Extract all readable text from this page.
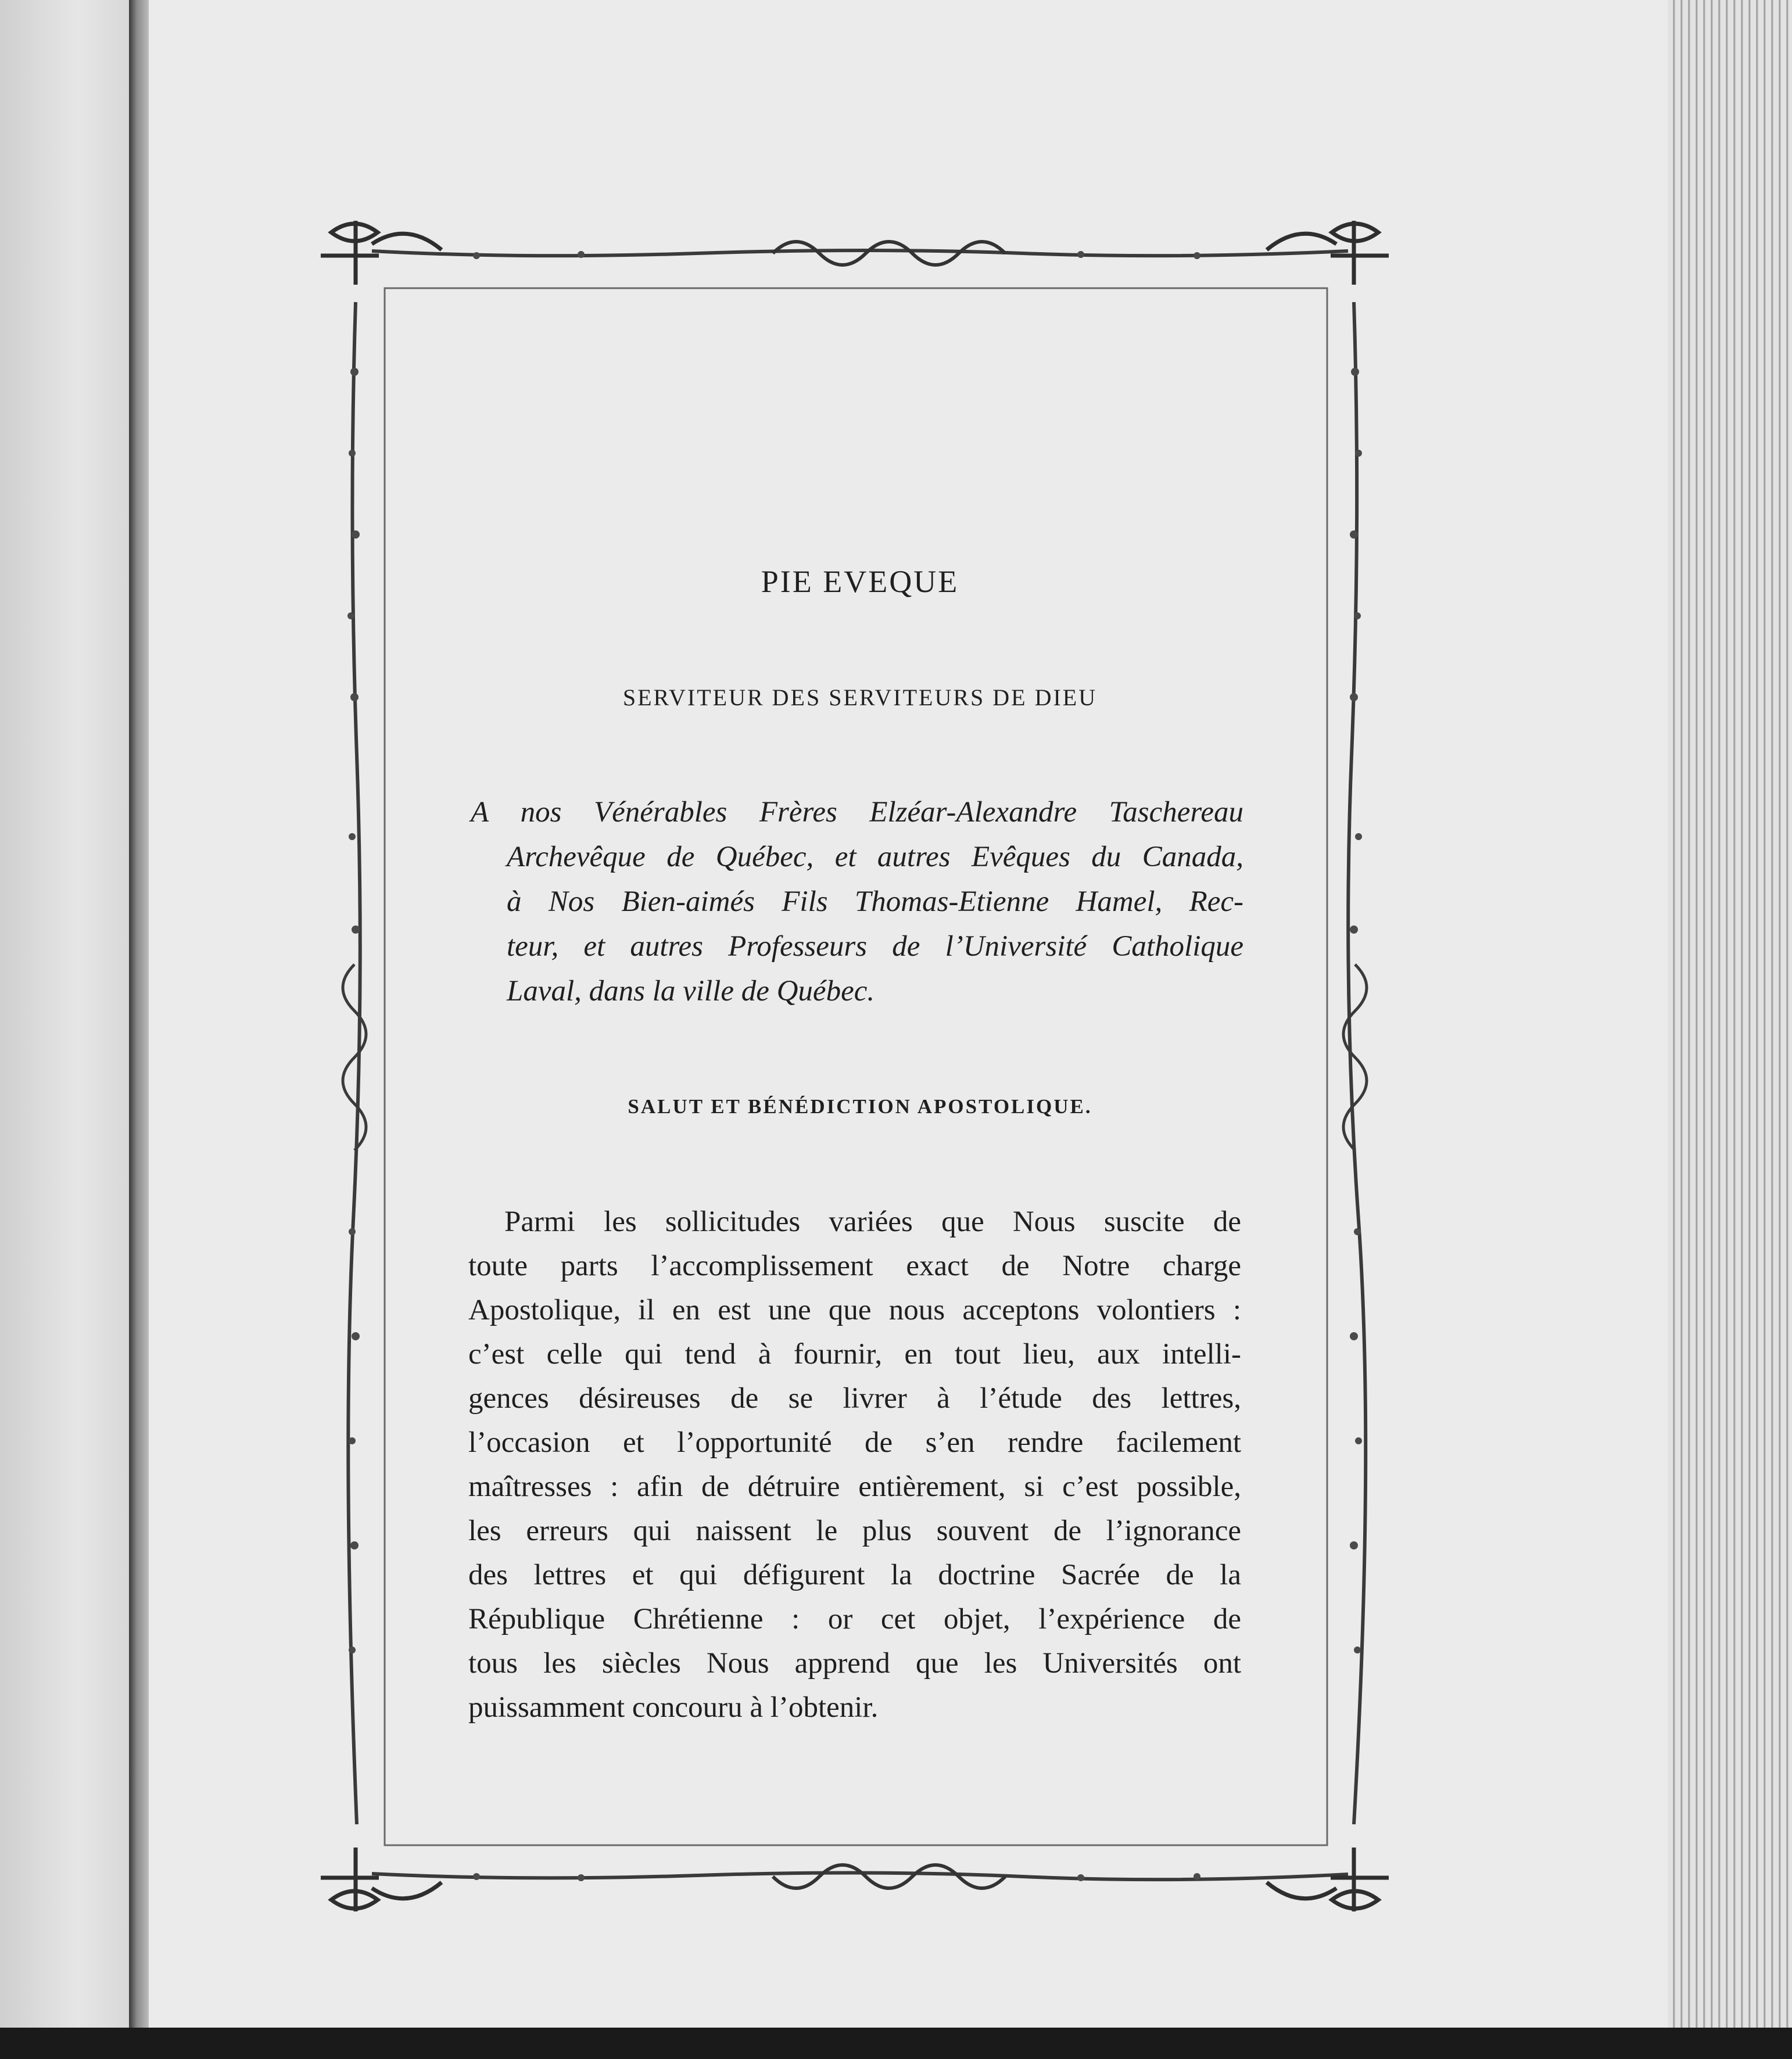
PIE EVEQUE
SERVITEUR DES SERVITEURS DE DIEU
A nos Vénérables Frères Elzéar-Alexandre Taschereau
Archevêque de Québec, et autres Evêques du Canada,
à Nos Bien-aimés Fils Thomas-Etienne Hamel, Rec-
teur, et autres Professeurs de l’Université Catholique
Laval, dans la ville de Québec.
SALUT ET BÉNÉDICTION APOSTOLIQUE.
Parmi les sollicitudes variées que Nous suscite de
toute parts l’accomplissement exact de Notre charge
Apostolique, il en est une que nous acceptons volontiers :
c’est celle qui tend à fournir, en tout lieu, aux intelli-
gences désireuses de se livrer à l’étude des lettres,
l’occasion et l’opportunité de s’en rendre facilement
maîtresses : afin de détruire entièrement, si c’est possible,
les erreurs qui naissent le plus souvent de l’ignorance
des lettres et qui défigurent la doctrine Sacrée de la
République Chrétienne : or cet objet, l’expérience de
tous les siècles Nous apprend que les Universités ont
puissamment concouru à l’obtenir.
